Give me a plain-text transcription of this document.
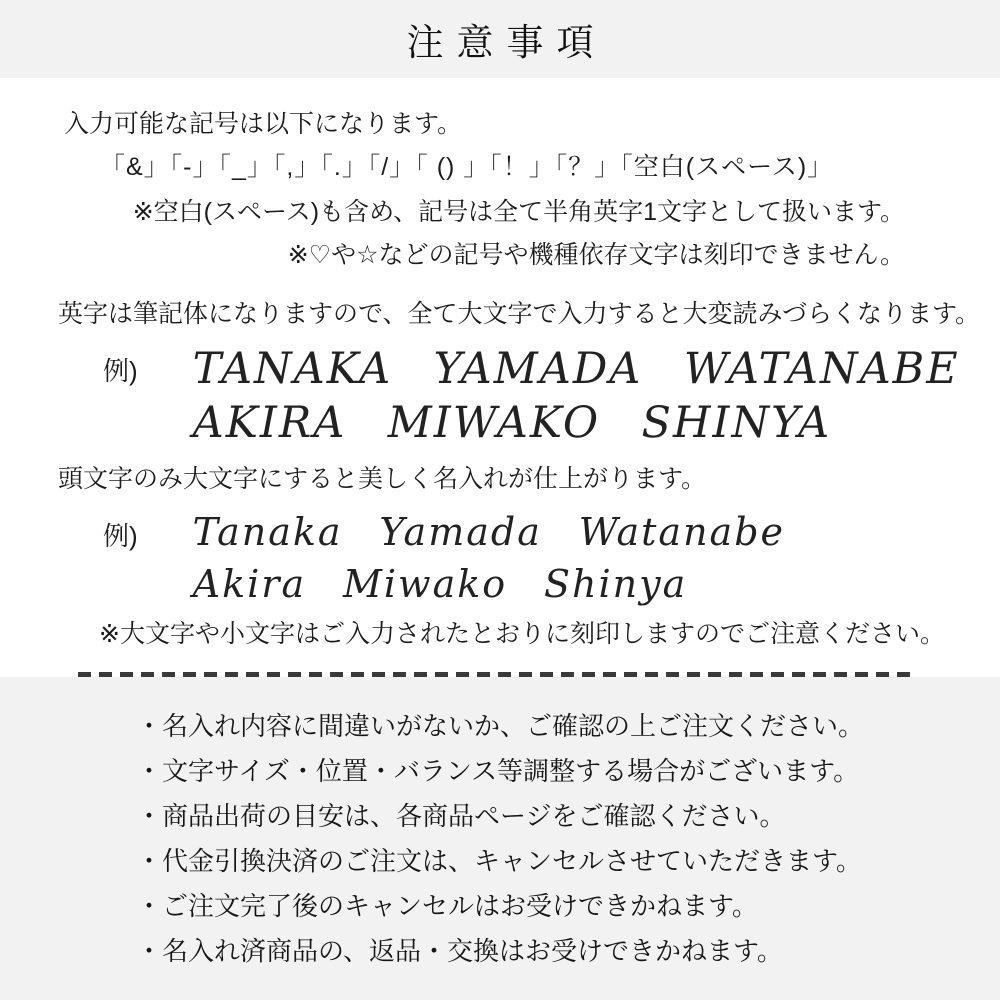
注意事項

入力可能な記号は以下になります。

「&」「-」「_」「,」「.」「/」「 () 」「！」「？」「空白(スペース)」

※空白(スペース)も含め、記号は全て半角英字1文字として扱います。

※♡や☆などの記号や機種依存文字は刻印できません。

英字は筆記体になりますので、全て大文字で入力すると大変読みづらくなります。

例) TANAKA YAMADA WATANABE
AKIRA MIWAKO SHINYA

頭文字のみ大文字にすると美しく名入れが仕上がります。

例) Tanaka Yamada Watanabe
Akira Miwako Shinya

※大文字や小文字はご入力されたとおりに刻印しますのでご注意ください。

・ 名入れ内容に間違いがないか、ご確認の上ご注文ください。
・ 文字サイズ・位置・バランス等調整する場合がございます。
・ 商品出荷の目安は、各商品ページをご確認ください。
・ 代金引換決済のご注文は、キャンセルさせていただきます。
・ ご注文完了後のキャンセルはお受けできかねます。
・ 名入れ済商品の、返品・交換はお受けできかねます。
